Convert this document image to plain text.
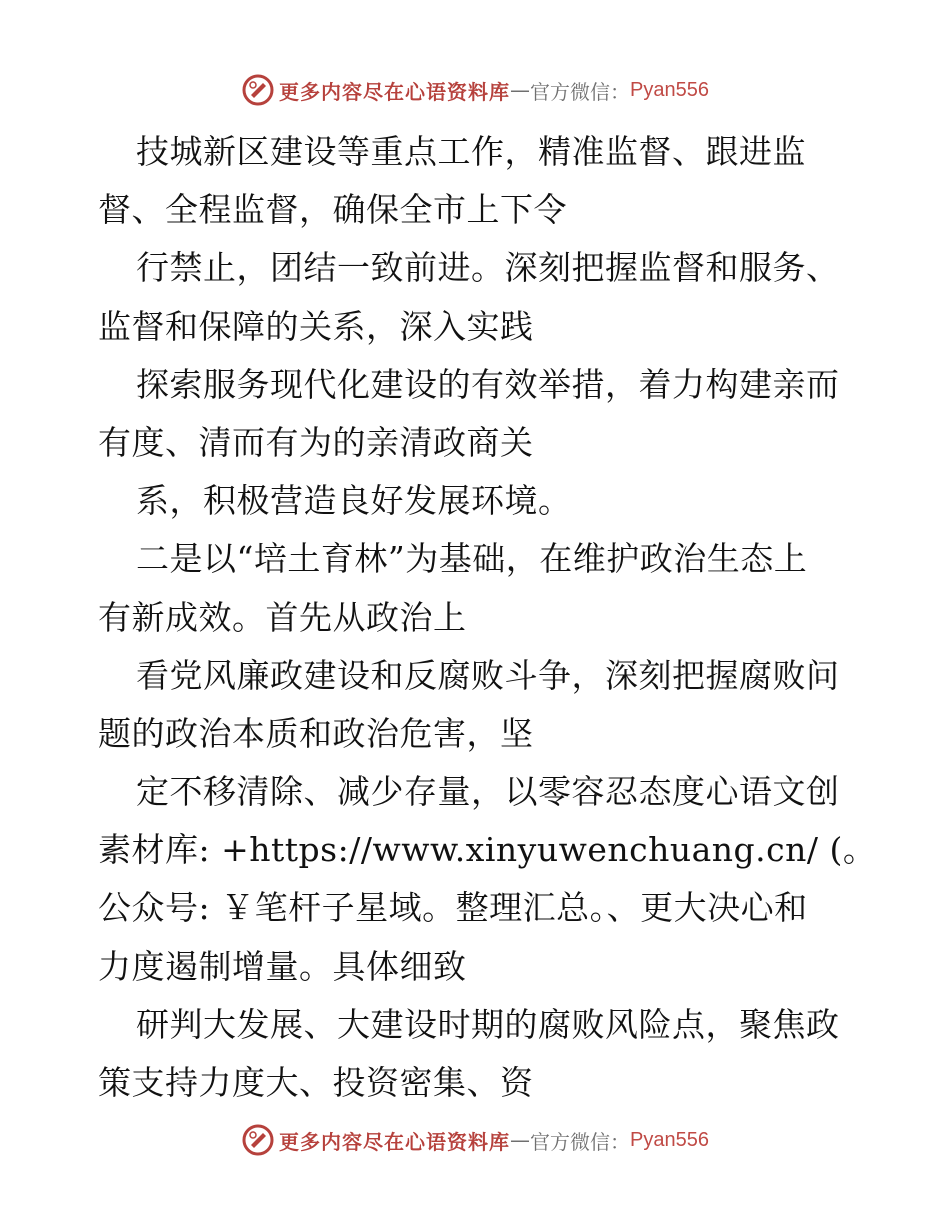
更多内容尽在心语资料库 — 官方微信： Pyan556
技城新区建设等重点工作，精准监督、跟进监
督、全程监督，确保全市上下令
行禁止，团结一致前进。深刻把握监督和服务、
监督和保障的关系，深入实践
探索服务现代化建设的有效举措，着力构建亲而
有度、清而有为的亲清政商关
系，积极营造良好发展环境。
二是以“培土育林”为基础，在维护政治生态上
有新成效。首先从政治上
看党风廉政建设和反腐败斗争，深刻把握腐败问
题的政治本质和政治危害，坚
定不移清除、减少存量，以零容忍态度心语文创
素材库: +https://www.xinyuwenchuang.cn/ (。
公众号: ￥笔杆子星域。整理汇总。、更大决心和
力度遏制增量。具体细致
研判大发展、大建设时期的腐败风险点，聚焦政
策支持力度大、投资密集、资
更多内容尽在心语资料库 — 官方微信： Pyan556
